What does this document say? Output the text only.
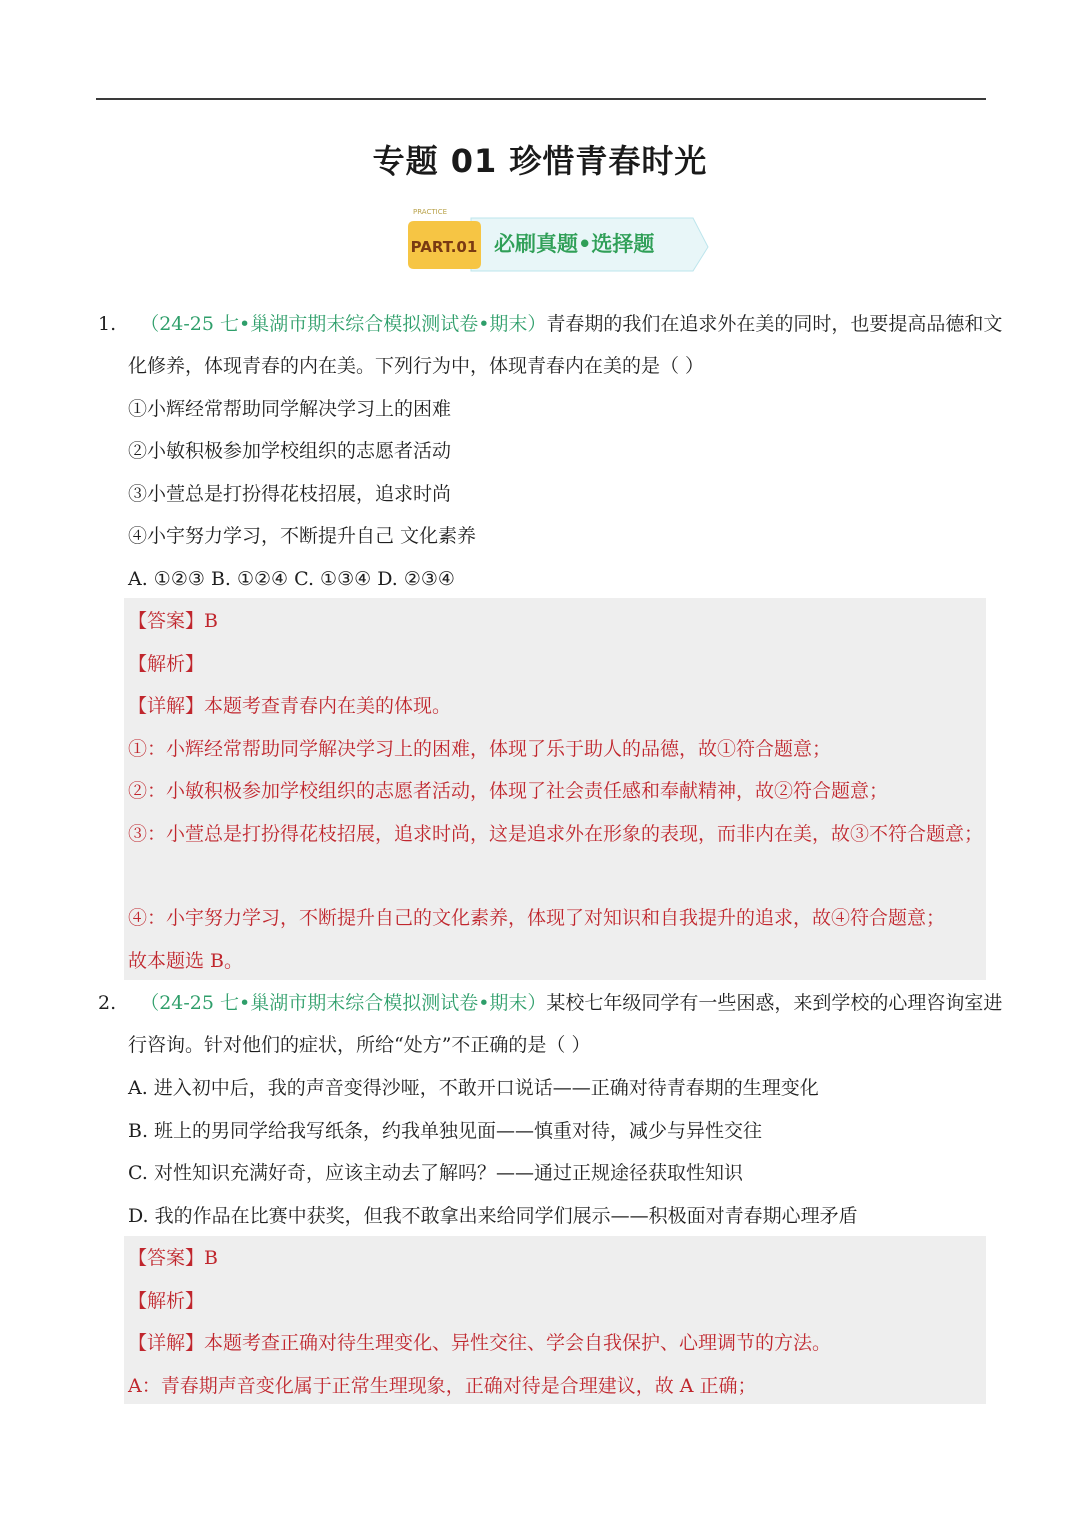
专题 01 珍惜青春时光
PRACTICE
PART.01 必刷真题•选择题
1. （24-25 七•巢湖市期末综合模拟测试卷•期末）青春期的我们在追求外在美的同时，也要提高品德和文
化修养，体现青春的内在美。下列行为中，体现青春内在美的是（ ）
①小辉经常帮助同学解决学习上的困难
②小敏积极参加学校组织的志愿者活动
③小萱总是打扮得花枝招展，追求时尚
④小宇努力学习，不断提升自己 文化素养
A. ①②③ B. ①②④ C. ①③④ D. ②③④
【答案】B
【解析】
【详解】本题考查青春内在美的体现。
①：小辉经常帮助同学解决学习上的困难，体现了乐于助人的品德，故①符合题意；
②：小敏积极参加学校组织的志愿者活动，体现了社会责任感和奉献精神，故②符合题意；
③：小萱总是打扮得花枝招展，追求时尚，这是追求外在形象的表现，而非内在美，故③不符合题意；
④：小宇努力学习，不断提升自己的文化素养，体现了对知识和自我提升的追求，故④符合题意；
故本题选 B。
2. （24-25 七•巢湖市期末综合模拟测试卷•期末）某校七年级同学有一些困惑，来到学校的心理咨询室进
行咨询。针对他们的症状，所给“处方”不正确的是（ ）
A. 进入初中后，我的声音变得沙哑，不敢开口说话——正确对待青春期的生理变化
B. 班上的男同学给我写纸条，约我单独见面——慎重对待，减少与异性交往
C. 对性知识充满好奇，应该主动去了解吗？——通过正规途径获取性知识
D. 我的作品在比赛中获奖，但我不敢拿出来给同学们展示——积极面对青春期心理矛盾
【答案】B
【解析】
【详解】本题考查正确对待生理变化、异性交往、学会自我保护、心理调节的方法。
A：青春期声音变化属于正常生理现象，正确对待是合理建议，故 A 正确；
